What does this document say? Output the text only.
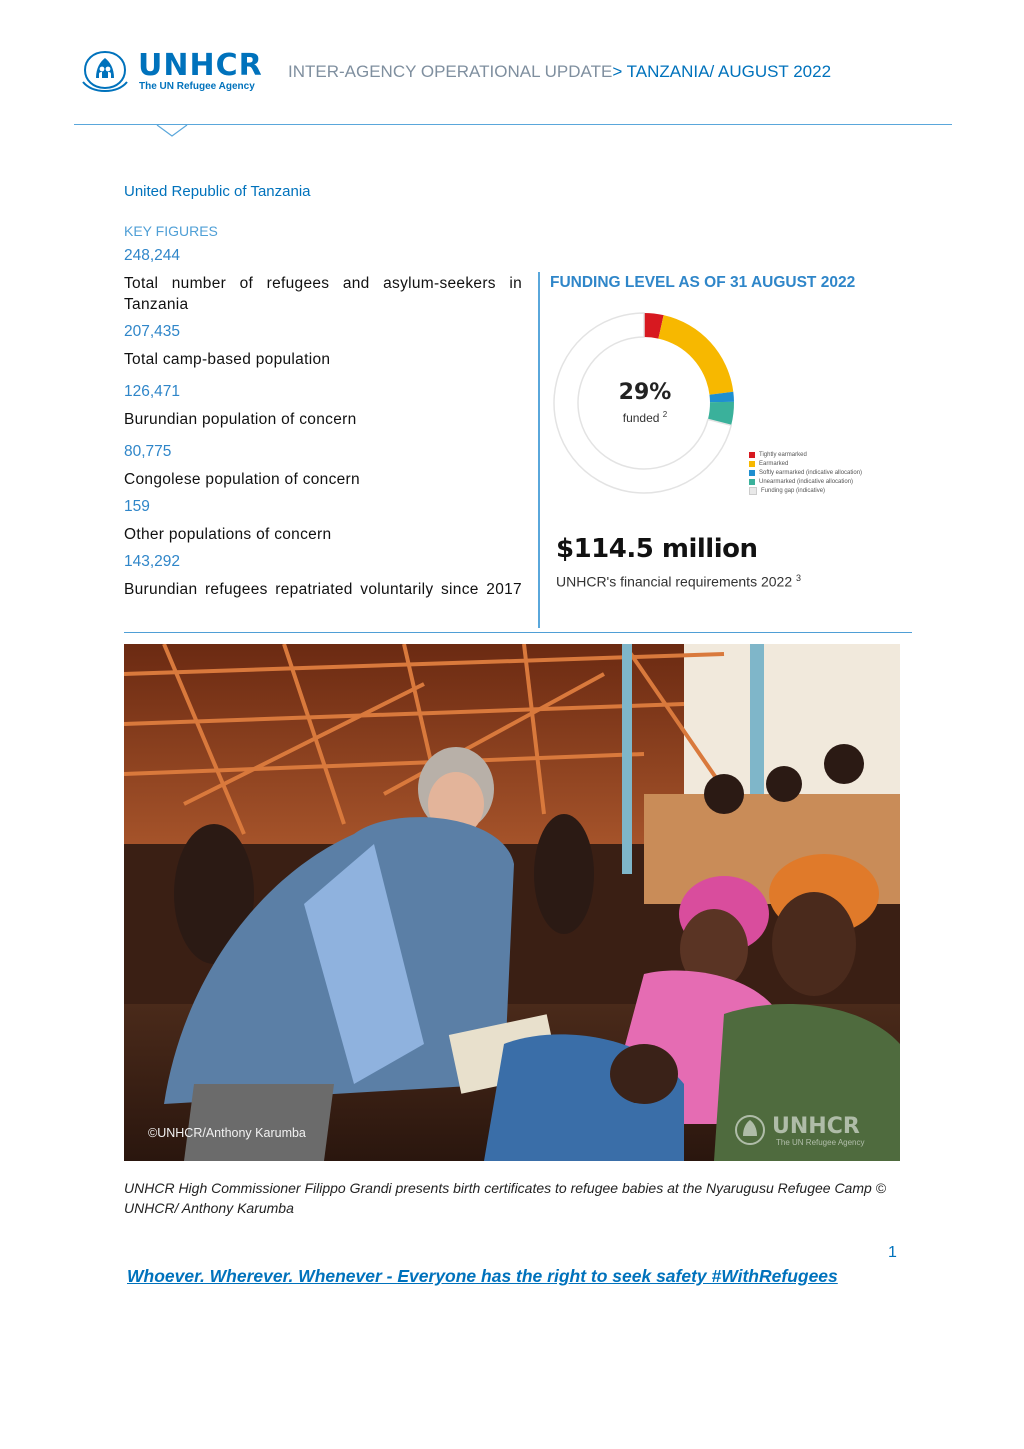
UNHCR
The UN Refugee Agency
INTER-AGENCY OPERATIONAL UPDATE> TANZANIA/ AUGUST 2022
United Republic of Tanzania
KEY FIGURES
248,244
Total number of refugees and asylum-seekers in Tanzania
207,435
Total camp-based population
126,471
Burundian population of concern
80,775
Congolese population of concern
159
Other populations of concern
143,292
Burundian refugees repatriated voluntarily since 2017
FUNDING LEVEL AS OF 31 AUGUST 2022
29%
funded $^2$
Tightly earmarked
Earmarked
Softly earmarked (indicative allocation)
Unearmarked (indicative allocation)
Funding gap (indicative)
$114.5 million
UNHCR's financial requirements 2022 $^3$
©UNHCR/Anthony Karumba	UNHCR
The UN Refugee Agency
UNHCR High Commissioner Filippo Grandi presents birth certificates to refugee babies at the Nyarugusu Refugee Camp © UNHCR/ Anthony Karumba
1
Whoever. Wherever. Whenever - Everyone has the right to seek safety #WithRefugees
